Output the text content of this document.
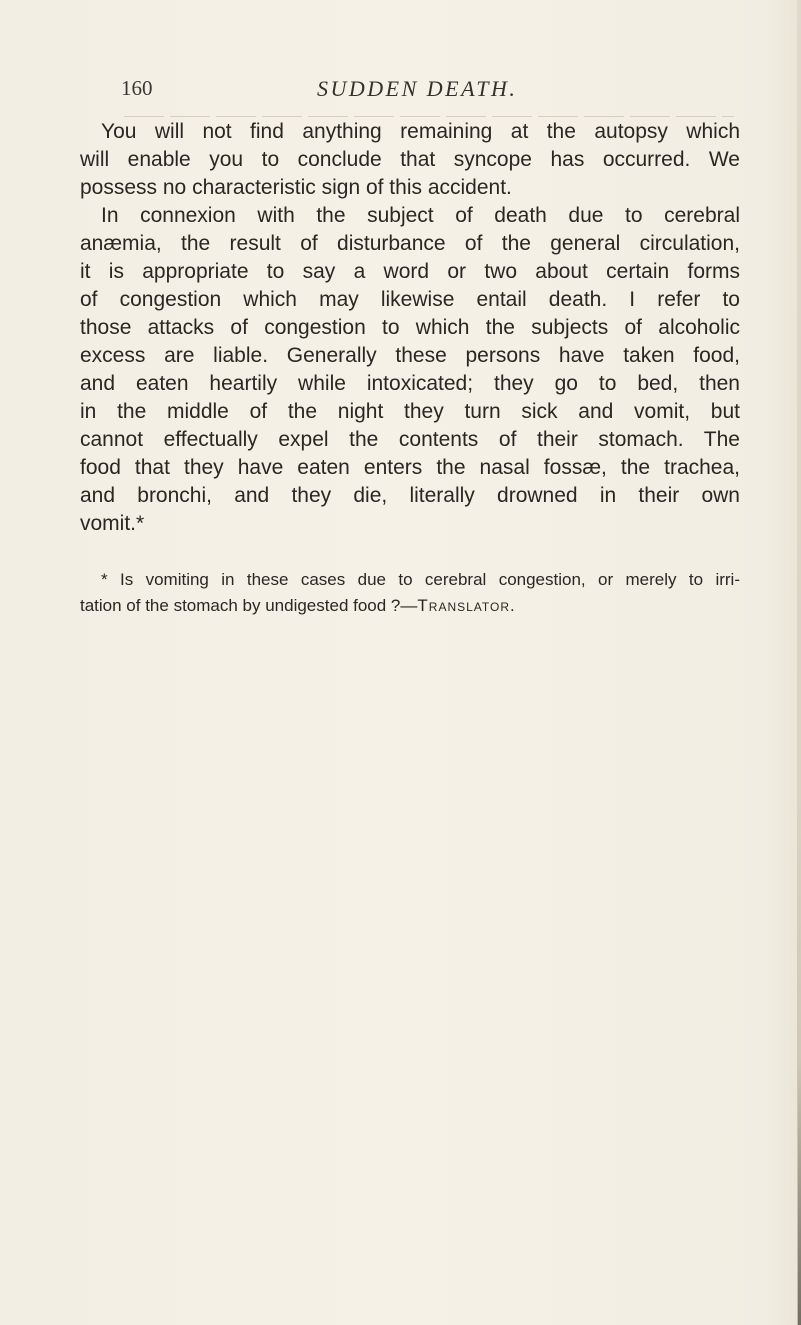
160	SUDDEN DEATH.
You will not find anything remaining at the autopsy which
will enable you to conclude that syncope has occurred. We
possess no characteristic sign of this accident.
In connexion with the subject of death due to cerebral
anæmia, the result of disturbance of the general circulation,
it is appropriate to say a word or two about certain forms
of congestion which may likewise entail death. I refer to
those attacks of congestion to which the subjects of alcoholic
excess are liable. Generally these persons have taken food,
and eaten heartily while intoxicated; they go to bed, then
in the middle of the night they turn sick and vomit, but
cannot effectually expel the contents of their stomach. The
food that they have eaten enters the nasal fossæ, the trachea,
and bronchi, and they die, literally drowned in their own
vomit.*
* Is vomiting in these cases due to cerebral congestion, or merely to irri-
tation of the stomach by undigested food ?—Translator.
